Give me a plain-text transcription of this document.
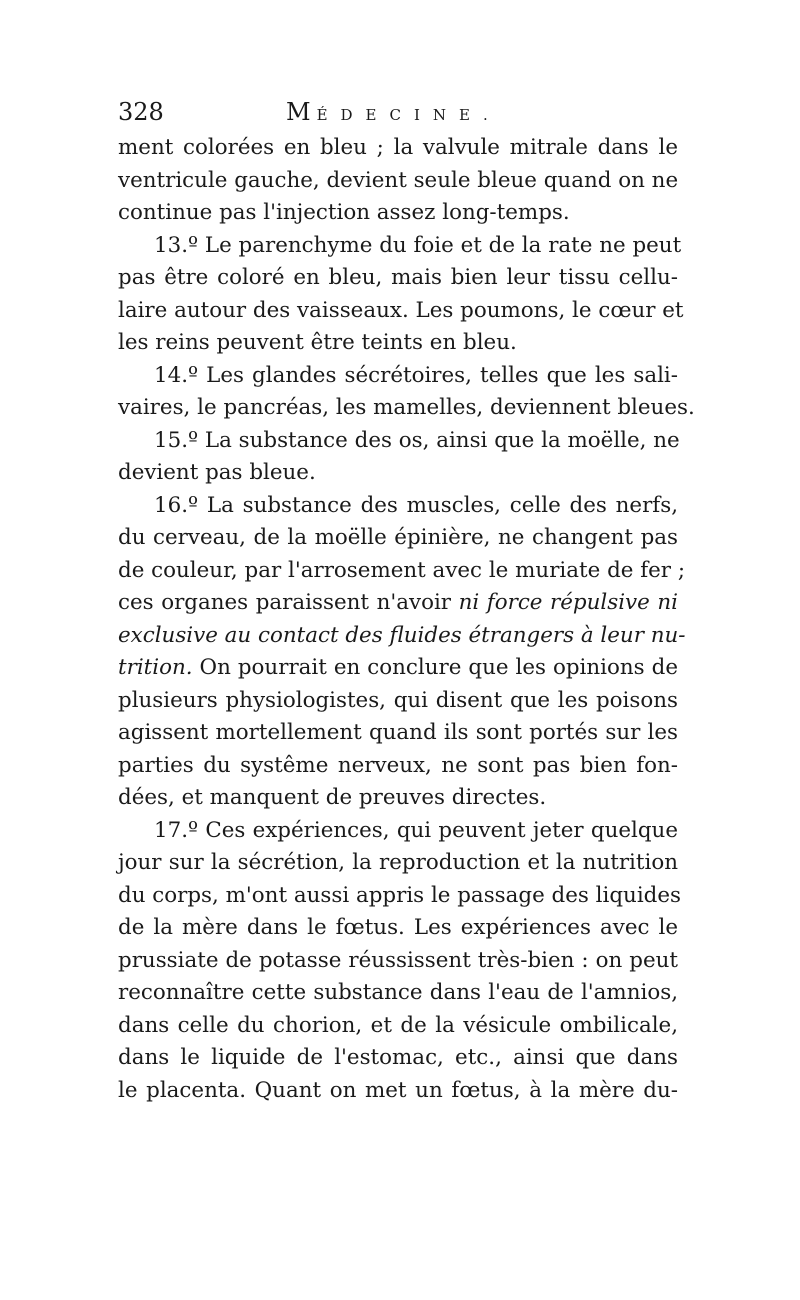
328	MÉDECINE.
ment colorées en bleu ; la valvule mitrale dans le
ventricule gauche, devient seule bleue quand on ne
continue pas l'injection assez long-temps.
13.º Le parenchyme du foie et de la rate ne peut
pas être coloré en bleu, mais bien leur tissu cellu-
laire autour des vaisseaux. Les poumons, le cœur et
les reins peuvent être teints en bleu.
14.º Les glandes sécrétoires, telles que les sali-
vaires, le pancréas, les mamelles, deviennent bleues.
15.º La substance des os, ainsi que la moëlle, ne
devient pas bleue.
16.º La substance des muscles, celle des nerfs,
du cerveau, de la moëlle épinière, ne changent pas
de couleur, par l'arrosement avec le muriate de fer ;
ces organes paraissent n'avoir ni force répulsive ni
exclusive au contact des fluides étrangers à leur nu-
trition. On pourrait en conclure que les opinions de
plusieurs physiologistes, qui disent que les poisons
agissent mortellement quand ils sont portés sur les
parties du systême nerveux, ne sont pas bien fon-
dées, et manquent de preuves directes.
17.º Ces expériences, qui peuvent jeter quelque
jour sur la sécrétion, la reproduction et la nutrition
du corps, m'ont aussi appris le passage des liquides
de la mère dans le fœtus. Les expériences avec le
prussiate de potasse réussissent très-bien : on peut
reconnaître cette substance dans l'eau de l'amnios,
dans celle du chorion, et de la vésicule ombilicale,
dans le liquide de l'estomac, etc., ainsi que dans
le placenta. Quant on met un fœtus, à la mère du-
